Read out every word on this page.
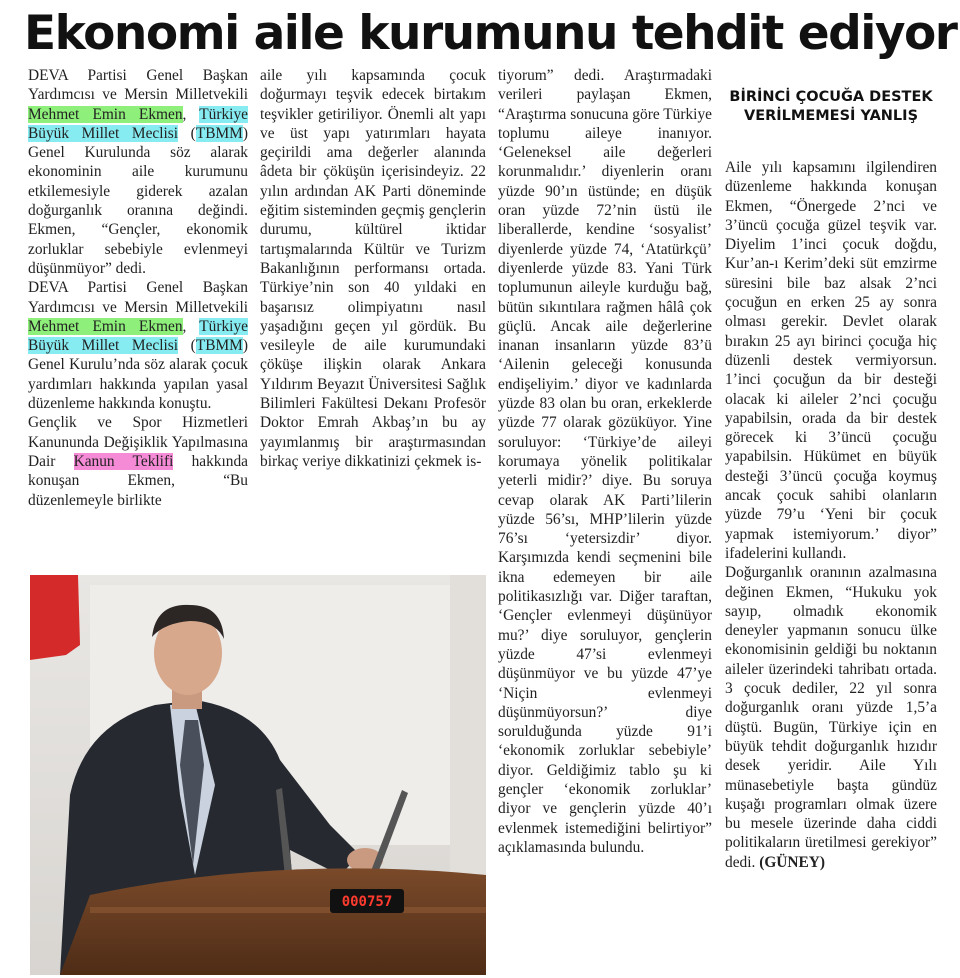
Ekonomi aile kurumunu tehdit ediyor

DEVA Partisi Genel Başkan Yardımcısı ve Mersin Milletvekili Mehmet Emin Ekmen, Türkiye Büyük Millet Meclisi (TBMM) Genel Kurulunda söz alarak ekonominin aile kurumunu etkilemesiyle giderek azalan doğurganlık oranına değindi. Ekmen, “Gençler, ekonomik zorluklar sebebiyle evlenmeyi düşünmüyor” dedi.

DEVA Partisi Genel Başkan Yardımcısı ve Mersin Milletvekili Mehmet Emin Ekmen, Türkiye Büyük Millet Meclisi (TBMM) Genel Kurulu’nda söz alarak çocuk yardımları hakkında yapılan yasal düzenleme hakkında konuştu.

Gençlik ve Spor Hizmetleri Kanununda Değişiklik Yapılmasına Dair Kanun Teklifi hakkında konuşan Ekmen, “Bu düzenlemeyle birlikte

aile yılı kapsamında çocuk doğurmayı teşvik edecek birtakım teşvikler getiriliyor. Önemli alt yapı ve üst yapı yatırımları hayata geçirildi ama değerler alanında âdeta bir çöküşün içerisindeyiz. 22 yılın ardından AK Parti döneminde eğitim sisteminden geçmiş gençlerin durumu, kültürel iktidar tartışmalarında Kültür ve Turizm Bakanlığının performansı ortada. Türkiye’nin son 40 yıldaki en başarısız olimpiyatını nasıl yaşadığını geçen yıl gördük. Bu vesileyle de aile kurumundaki çöküşe ilişkin olarak Ankara Yıldırım Beyazıt Üniversitesi Sağlık Bilimleri Fakültesi Dekanı Profesör Doktor Emrah Akbaş’ın bu ay yayımlanmış bir araştırmasından birkaç veriye dikkatinizi çekmek is-

tiyorum” dedi. Araştırmadaki verileri paylaşan Ekmen, “Araştırma sonucuna göre Türkiye toplumu aileye inanıyor. ‘Geleneksel aile değerleri korunmalıdır.’ diyenlerin oranı yüzde 90’ın üstünde; en düşük oran yüzde 72’nin üstü ile liberallerde, kendine ‘sosyalist’ diyenlerde yüzde 74, ‘Atatürkçü’ diyenlerde yüzde 83. Yani Türk toplumunun aileyle kurduğu bağ, bütün sıkıntılara rağmen hâlâ çok güçlü. Ancak aile değerlerine inanan insanların yüzde 83’ü ‘Ailenin geleceği konusunda endişeliyim.’ diyor ve kadınlarda yüzde 83 olan bu oran, erkeklerde yüzde 77 olarak gözüküyor. Yine soruluyor: ‘Türkiye’de aileyi korumaya yönelik politikalar yeterli midir?’ diye. Bu soruya cevap olarak AK Parti’lilerin yüzde 56’sı, MHP’lilerin yüzde 76’sı ‘yetersizdir’ diyor. Karşımızda kendi seçmenini bile ikna edemeyen bir aile politikasızlığı var. Diğer taraftan, ‘Gençler evlenmeyi düşünüyor mu?’ diye soruluyor, gençlerin yüzde 47’si evlenmeyi düşünmüyor ve bu yüzde 47’ye ‘Niçin evlenmeyi düşünmüyorsun?’ diye sorulduğunda yüzde 91’i ‘ekonomik zorluklar sebebiyle’ diyor. Geldiğimiz tablo şu ki gençler ‘ekonomik zorluklar’ diyor ve gençlerin yüzde 40’ı evlenmek istemediğini belirtiyor” açıklamasında bulundu.

BİRİNCİ ÇOCUĞA DESTEK VERİLMEMESİ YANLIŞ

Aile yılı kapsamını ilgilendiren düzenleme hakkında konuşan Ekmen, “Önergede 2’nci ve 3’üncü çocuğa güzel teşvik var. Diyelim 1’inci çocuk doğdu, Kur’an-ı Kerim’deki süt emzirme süresini bile baz alsak 2’nci çocuğun en erken 25 ay sonra olması gerekir. Devlet olarak bırakın 25 ayı birinci çocuğa hiç düzenli destek vermiyorsun. 1’inci çocuğun da bir desteği olacak ki aileler 2’nci çocuğu yapabilsin, orada da bir destek görecek ki 3’üncü çocuğu yapabilsin. Hükümet en büyük desteği 3’üncü çocuğa koymuş ancak çocuk sahibi olanların yüzde 79’u ‘Yeni bir çocuk yapmak istemiyorum.’ diyor” ifadelerini kullandı.

Doğurganlık oranının azalmasına değinen Ekmen, “Hukuku yok sayıp, olmadık ekonomik deneyler yapmanın sonucu ülke ekonomisinin geldiği bu noktanın aileler üzerindeki tahribatı ortada. 3 çocuk dediler, 22 yıl sonra doğurganlık oranı yüzde 1,5’a düştü. Bugün, Türkiye için en büyük tehdit doğurganlık hızıdır desek yeridir. Aile Yılı münasebetiyle başta gündüz kuşağı programları olmak üzere bu mesele üzerinde daha ciddi politikaların üretilmesi gerekiyor” dedi. (GÜNEY)

000757
